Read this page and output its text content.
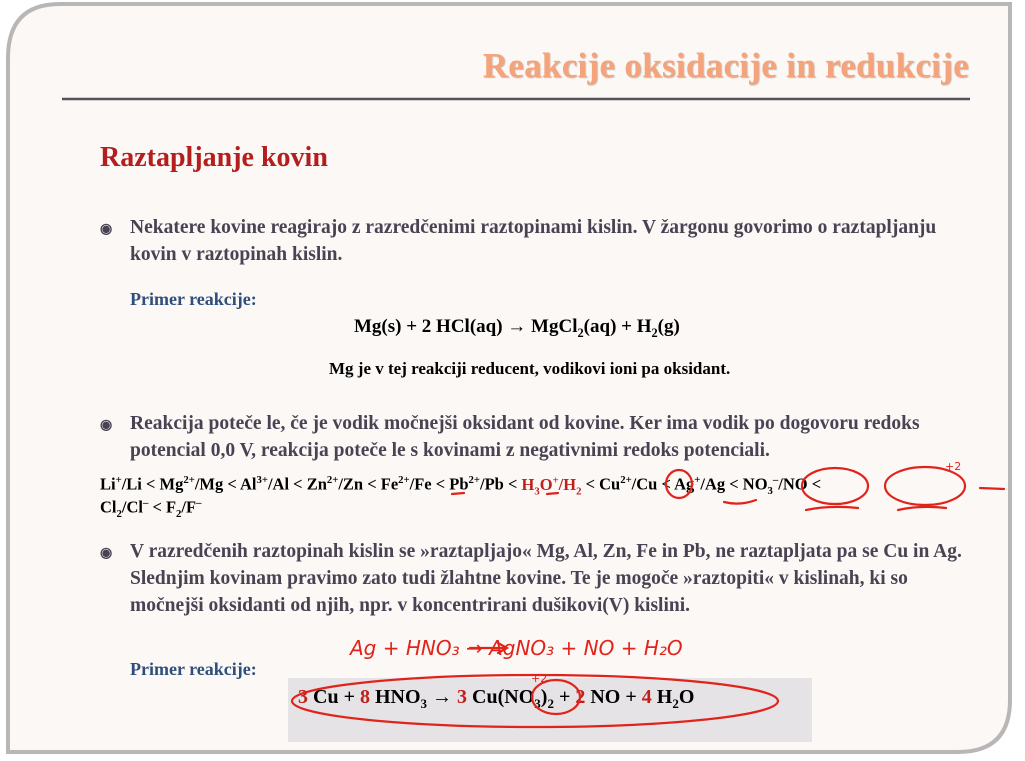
Reakcije oksidacije in redukcije
Raztapljanje kovin
◉ Nekatere kovine reagirajo z razredčenimi raztopinami kislin. V žargonu govorimo o raztapljanju kovin v raztopinah kislin.
Primer reakcije:
Mg(s) + 2 HCl(aq) → MgCl$_2$(aq) + $H_2(g)$
Mg je v tej reakciji reducent, vodikovi ioni pa oksidant.
◉ Reakcija poteče le, če je vodik močnejši oksidant od kovine. Ker ima vodik po dogovoru redoks potencial 0,0 V, reakcija poteče le s kovinami z negativnimi redoks potenciali.
$Li^+/Li < Mg^{2+}/Mg < Al^{3+}/Al < Zn^{2+}/Zn < Fe^{2+}/Fe < Pb^{2+}/Pb < H_3O^+/H_2 < Cu^{2+}/Cu < Ag^+/Ag < NO_3^-/NO$ <
$Cl_2/Cl^- < F_2/F^-$
◉ V razredčenih raztopinah kislin se »raztapljajo« Mg, Al, Zn, Fe in Pb, ne raztapljata pa se Cu in Ag. Slednjim kovinam pravimo zato tudi žlahtne kovine. Te je mogoče »raztopiti« v kislinah, ki so močnejši oksidanti od njih, npr. v koncentrirani dušikovi(V) kislini.
Primer reakcije:
3 Cu + 8 $HNO_3 \to 3$ $Cu(NO_3)_2 + 2$ NO + 4 $H_2O$
Ag + HNO₃ → AgNO₃ + NO + H₂O
+2
+2
